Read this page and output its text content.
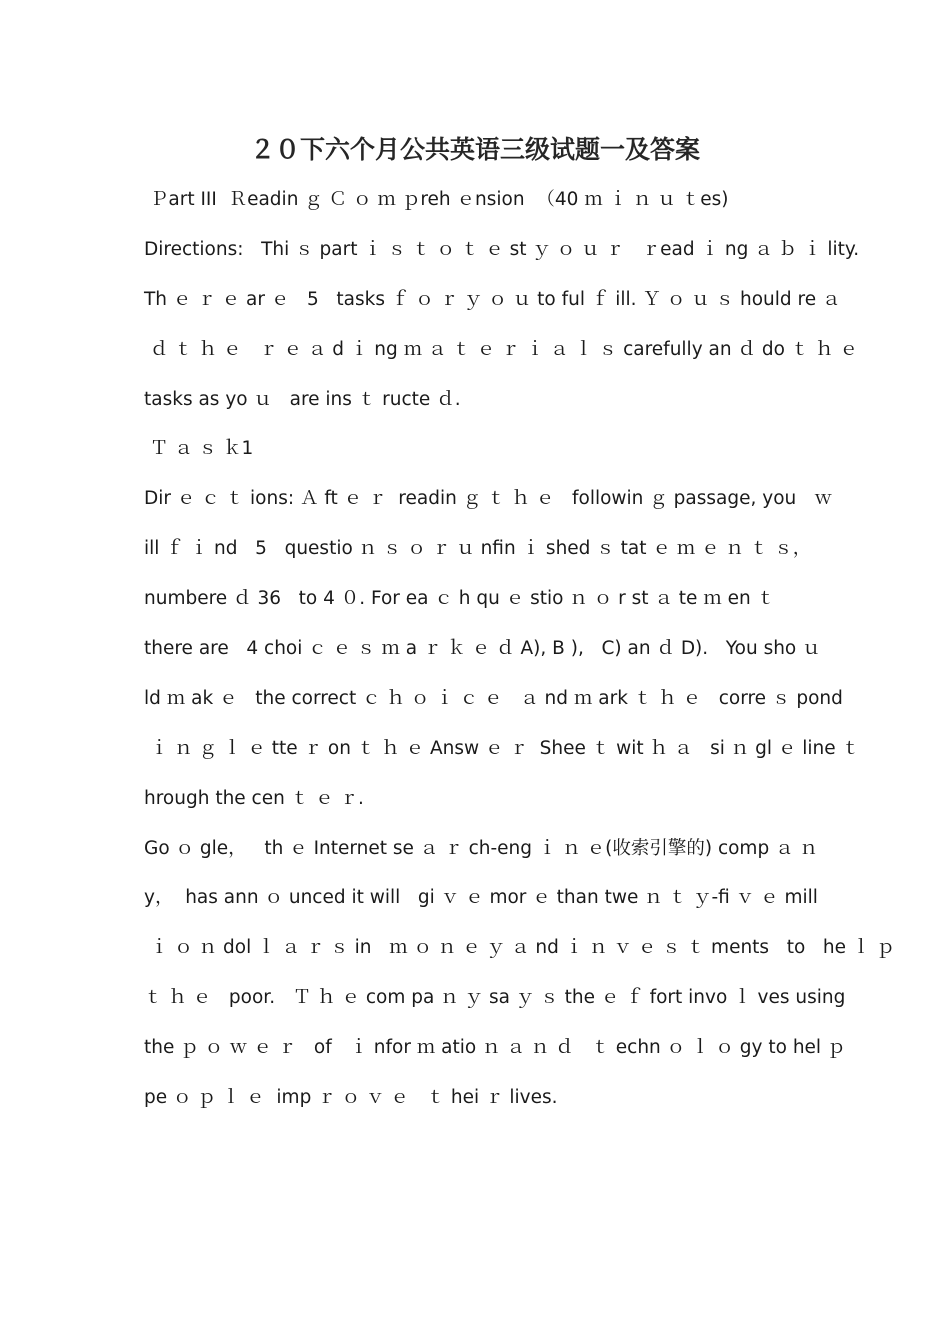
２０下六个月公共英语三级试题一及答案
Ｐart III  Ｒeadin ｇ Ｃ ｏ ｍ ｐreh ｅnsion  （40 ｍ ｉ ｎ ｕ ｔes)
Directions:   Thi ｓ part ｉ ｓ ｔ ｏ ｔ ｅ st ｙ ｏ ｕ ｒ   ｒead ｉ ng ａ ｂ ｉ lity.
Th ｅ ｒ ｅ ar ｅ   5   tasks ｆ ｏ ｒ ｙ ｏ ｕ to ful ｆ ill. Ｙ ｏ ｕ ｓ hould re ａ
ｄ ｔ ｈ ｅ   ｒ ｅ ａ d ｉ ng ｍ ａ ｔ ｅ ｒ ｉ ａ ｌ ｓ carefully an ｄ do ｔ ｈ ｅ
tasks as yo ｕ   are ins ｔ ructe ｄ.
Ｔ ａ ｓ ｋ1
Dir ｅ ｃ ｔ ions: Ａ ft ｅ ｒ  readin ｇ ｔ ｈ ｅ   followin ｇ passage, you   ｗ
ill ｆ ｉ nd   5   questio ｎ ｓ ｏ ｒ ｕ nfin ｉ shed ｓ tat ｅ ｍ ｅ ｎ ｔ ｓ，
numbere ｄ 36   to 4 ０. For ea ｃ h qu ｅ stio ｎ ｏ r st ａ te ｍ en ｔ
there are   4 choi ｃ ｅ ｓ ｍ a ｒ ｋ ｅ ｄ A), B ),   C) an ｄ D).   You sho ｕ
ld ｍ ak ｅ   the correct ｃ ｈ ｏ ｉ ｃ ｅ   ａ nd ｍ ark ｔ ｈ ｅ   corre ｓ pond
ｉ ｎ ｇ ｌ ｅ tte ｒ on ｔ ｈ ｅ Answ ｅ ｒ  Shee ｔ wit ｈ ａ   si ｎ gl ｅ line ｔ
hrough the cen ｔ ｅ ｒ.
Go ｏ gle，   th ｅ Internet se ａ ｒ ch-eng ｉ ｎ ｅ(收索引擎的) comp ａ ｎ
y，  has ann ｏ unced it will   gi ｖ ｅ mor ｅ than twe ｎ ｔ ｙ-fi ｖ ｅ mill
ｉ ｏ ｎ dol ｌ ａ ｒ ｓ in   ｍ ｏ ｎ ｅ ｙ ａ nd ｉ ｎ ｖ ｅ ｓ ｔ ments   to   he ｌ ｐ
ｔ ｈ ｅ   poor.   Ｔ ｈ ｅ com pa ｎ ｙ sa ｙ ｓ the ｅ ｆ fort invo ｌ ves using
the ｐ ｏ ｗ ｅ ｒ   of   ｉ nfor ｍ atio ｎ ａ ｎ ｄ   ｔ echn ｏ ｌ ｏ gy to hel ｐ
pe ｏ ｐ ｌ ｅ  imp ｒ ｏ ｖ ｅ   ｔ hei ｒ lives.
